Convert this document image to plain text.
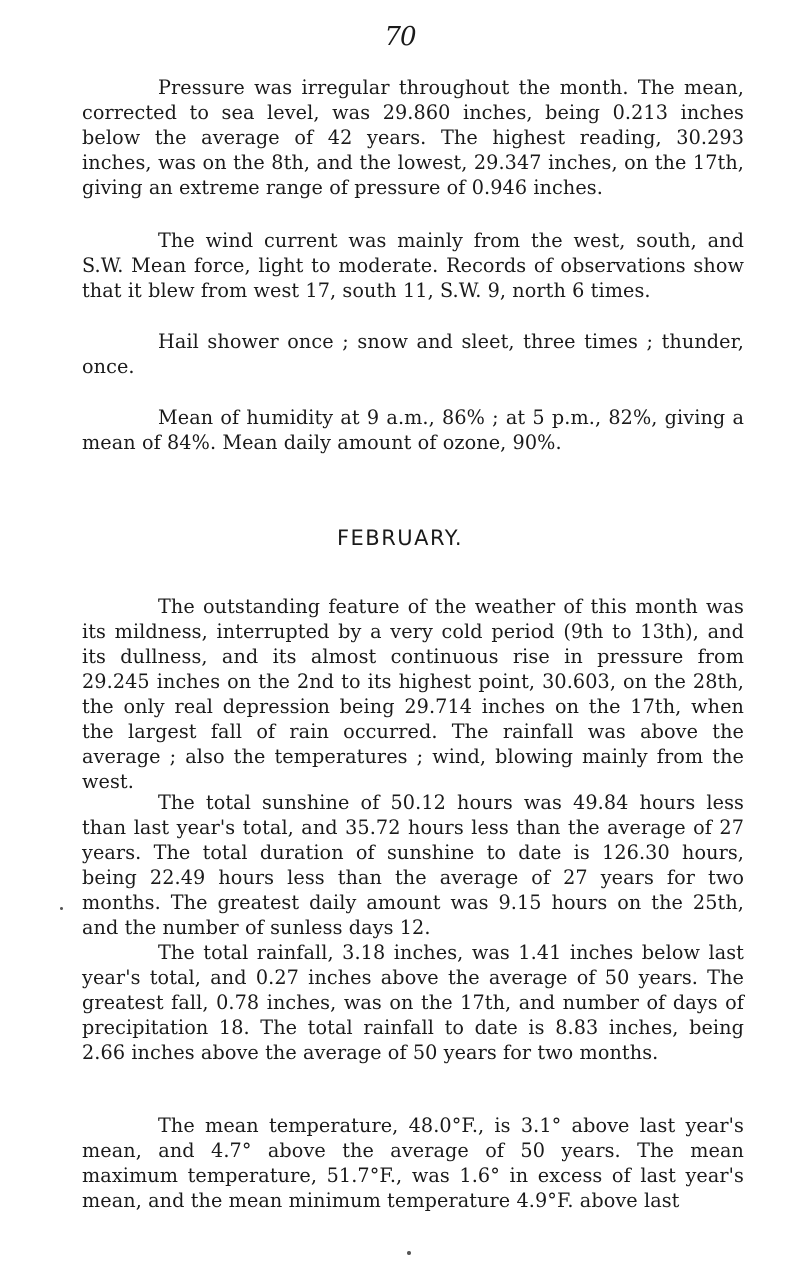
70

Pressure was irregular throughout the month. The mean, corrected to sea level, was 29.860 inches, being 0.213 inches below the average of 42 years. The highest reading, 30.293 inches, was on the 8th, and the lowest, 29.347 inches, on the 17th, giving an extreme range of pressure of 0.946 inches.

The wind current was mainly from the west, south, and S.W. Mean force, light to moderate. Records of observations show that it blew from west 17, south 11, S.W. 9, north 6 times.

Hail shower once ; snow and sleet, three times ; thunder, once.

Mean of humidity at 9 a.m., 86% ; at 5 p.m., 82%, giving a mean of 84%. Mean daily amount of ozone, 90%.

FEBRUARY.

The outstanding feature of the weather of this month was its mildness, interrupted by a very cold period (9th to 13th), and its dullness, and its almost continuous rise in pressure from 29.245 inches on the 2nd to its highest point, 30.603, on the 28th, the only real depression being 29.714 inches on the 17th, when the largest fall of rain occurred. The rainfall was above the average ; also the temperatures ; wind, blowing mainly from the west.

The total sunshine of 50.12 hours was 49.84 hours less than last year's total, and 35.72 hours less than the average of 27 years. The total duration of sunshine to date is 126.30 hours, being 22.49 hours less than the average of 27 years for two months. The greatest daily amount was 9.15 hours on the 25th, and the number of sunless days 12.

The total rainfall, 3.18 inches, was 1.41 inches below last year's total, and 0.27 inches above the average of 50 years. The greatest fall, 0.78 inches, was on the 17th, and number of days of precipitation 18. The total rainfall to date is 8.83 inches, being 2.66 inches above the average of 50 years for two months.

The mean temperature, 48.0°F., is 3.1° above last year's mean, and 4.7° above the average of 50 years. The mean maximum temperature, 51.7°F., was 1.6° in excess of last year's mean, and the mean minimum temperature 4.9°F. above last
